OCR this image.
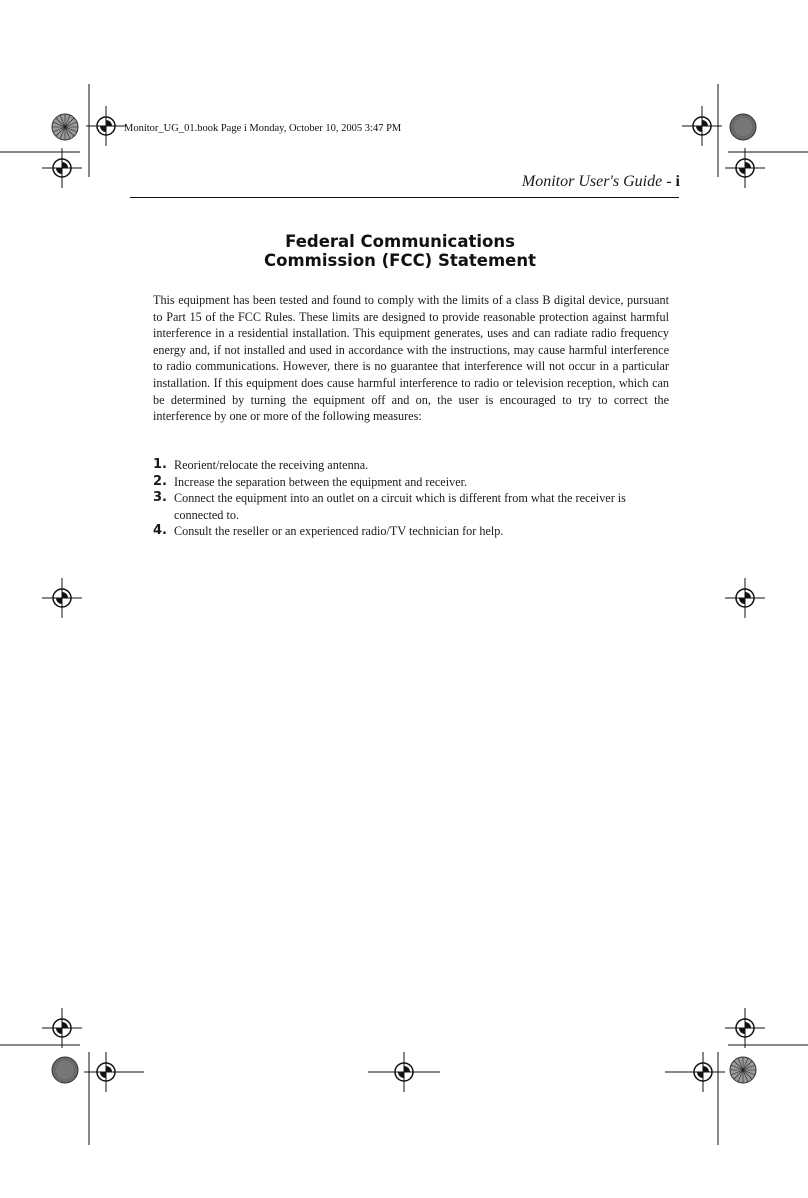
Monitor_UG_01.book Page i Monday, October 10, 2005 3:47 PM
Monitor User's Guide - i
Federal Communications
Commission (FCC) Statement

This equipment has been tested and found to comply with the limits of a class B digital device, pursuant to Part 15 of the FCC Rules. These limits are designed to provide reasonable protection against harmful interference in a residential installation. This equipment generates, uses and can radiate radio frequency energy and, if not installed and used in accordance with the instructions, may cause harmful interference to radio communications. However, there is no guarantee that interference will not occur in a particular installation. If this equipment does cause harmful interference to radio or television reception, which can be determined by turning the equipment off and on, the user is encouraged to try to correct the interference by one or more of the following measures:

1. Reorient/relocate the receiving antenna.
2. Increase the separation between the equipment and receiver.
3. Connect the equipment into an outlet on a circuit which is different from what the receiver is connected to.
4. Consult the reseller or an experienced radio/TV technician for help.
